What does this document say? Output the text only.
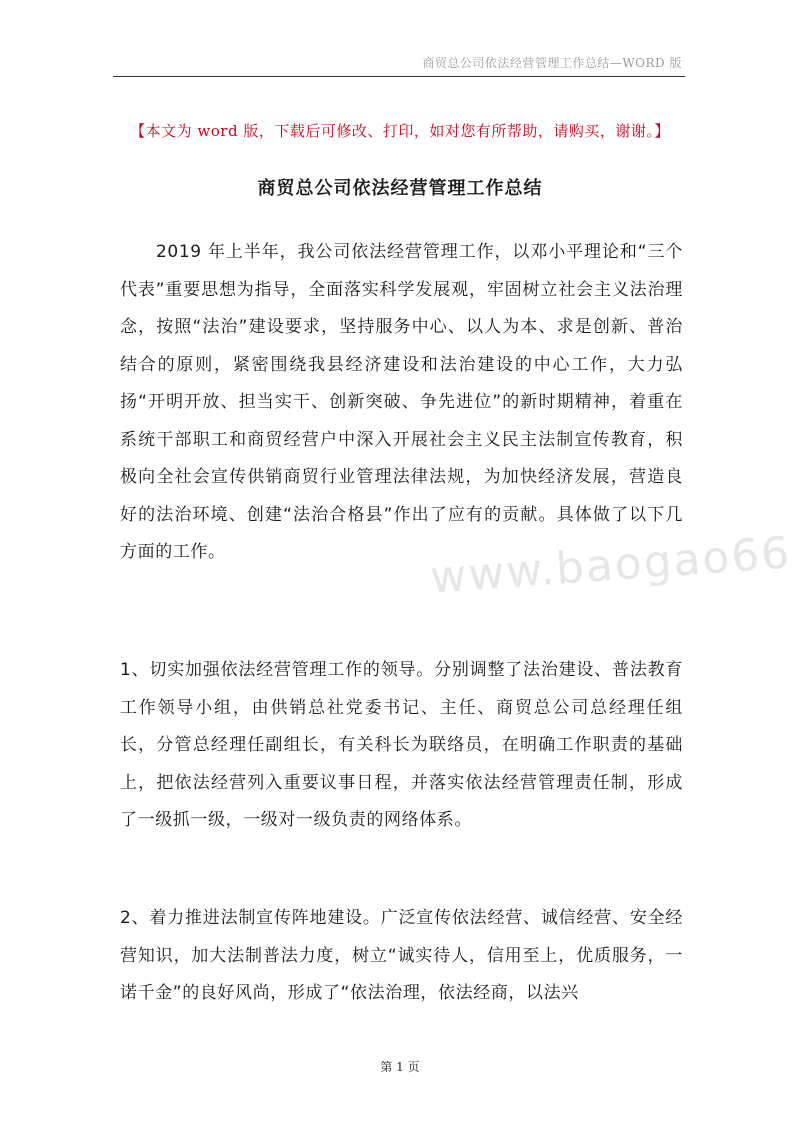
商贸总公司依法经营管理工作总结—WORD 版
【本文为 word 版，下载后可修改、打印，如对您有所帮助，请购买，谢谢。】
商贸总公司依法经营管理工作总结
www.baogao66
2019 年上半年，我公司依法经营管理工作，以邓小平理论和“三个代表”重要思想为指导，全面落实科学发展观，牢固树立社会主义法治理念，按照“法治”建设要求，坚持服务中心、以人为本、求是创新、普治结合的原则，紧密围绕我县经济建设和法治建设的中心工作，大力弘扬“开明开放、担当实干、创新突破、争先进位”的新时期精神，着重在系统干部职工和商贸经营户中深入开展社会主义民主法制宣传教育，积极向全社会宣传供销商贸行业管理法律法规，为加快经济发展，营造良好的法治环境、创建“法治合格县”作出了应有的贡献。具体做了以下几方面的工作。
1、切实加强依法经营管理工作的领导。分别调整了法治建设、普法教育工作领导小组，由供销总社党委书记、主任、商贸总公司总经理任组长，分管总经理任副组长，有关科长为联络员，在明确工作职责的基础上，把依法经营列入重要议事日程，并落实依法经营管理责任制，形成了一级抓一级，一级对一级负责的网络体系。
2、着力推进法制宣传阵地建设。广泛宣传依法经营、诚信经营、安全经营知识，加大法制普法力度，树立“诚实待人，信用至上，优质服务，一诺千金”的良好风尚，形成了“依法治理，依法经商，以法兴
第 1 页
